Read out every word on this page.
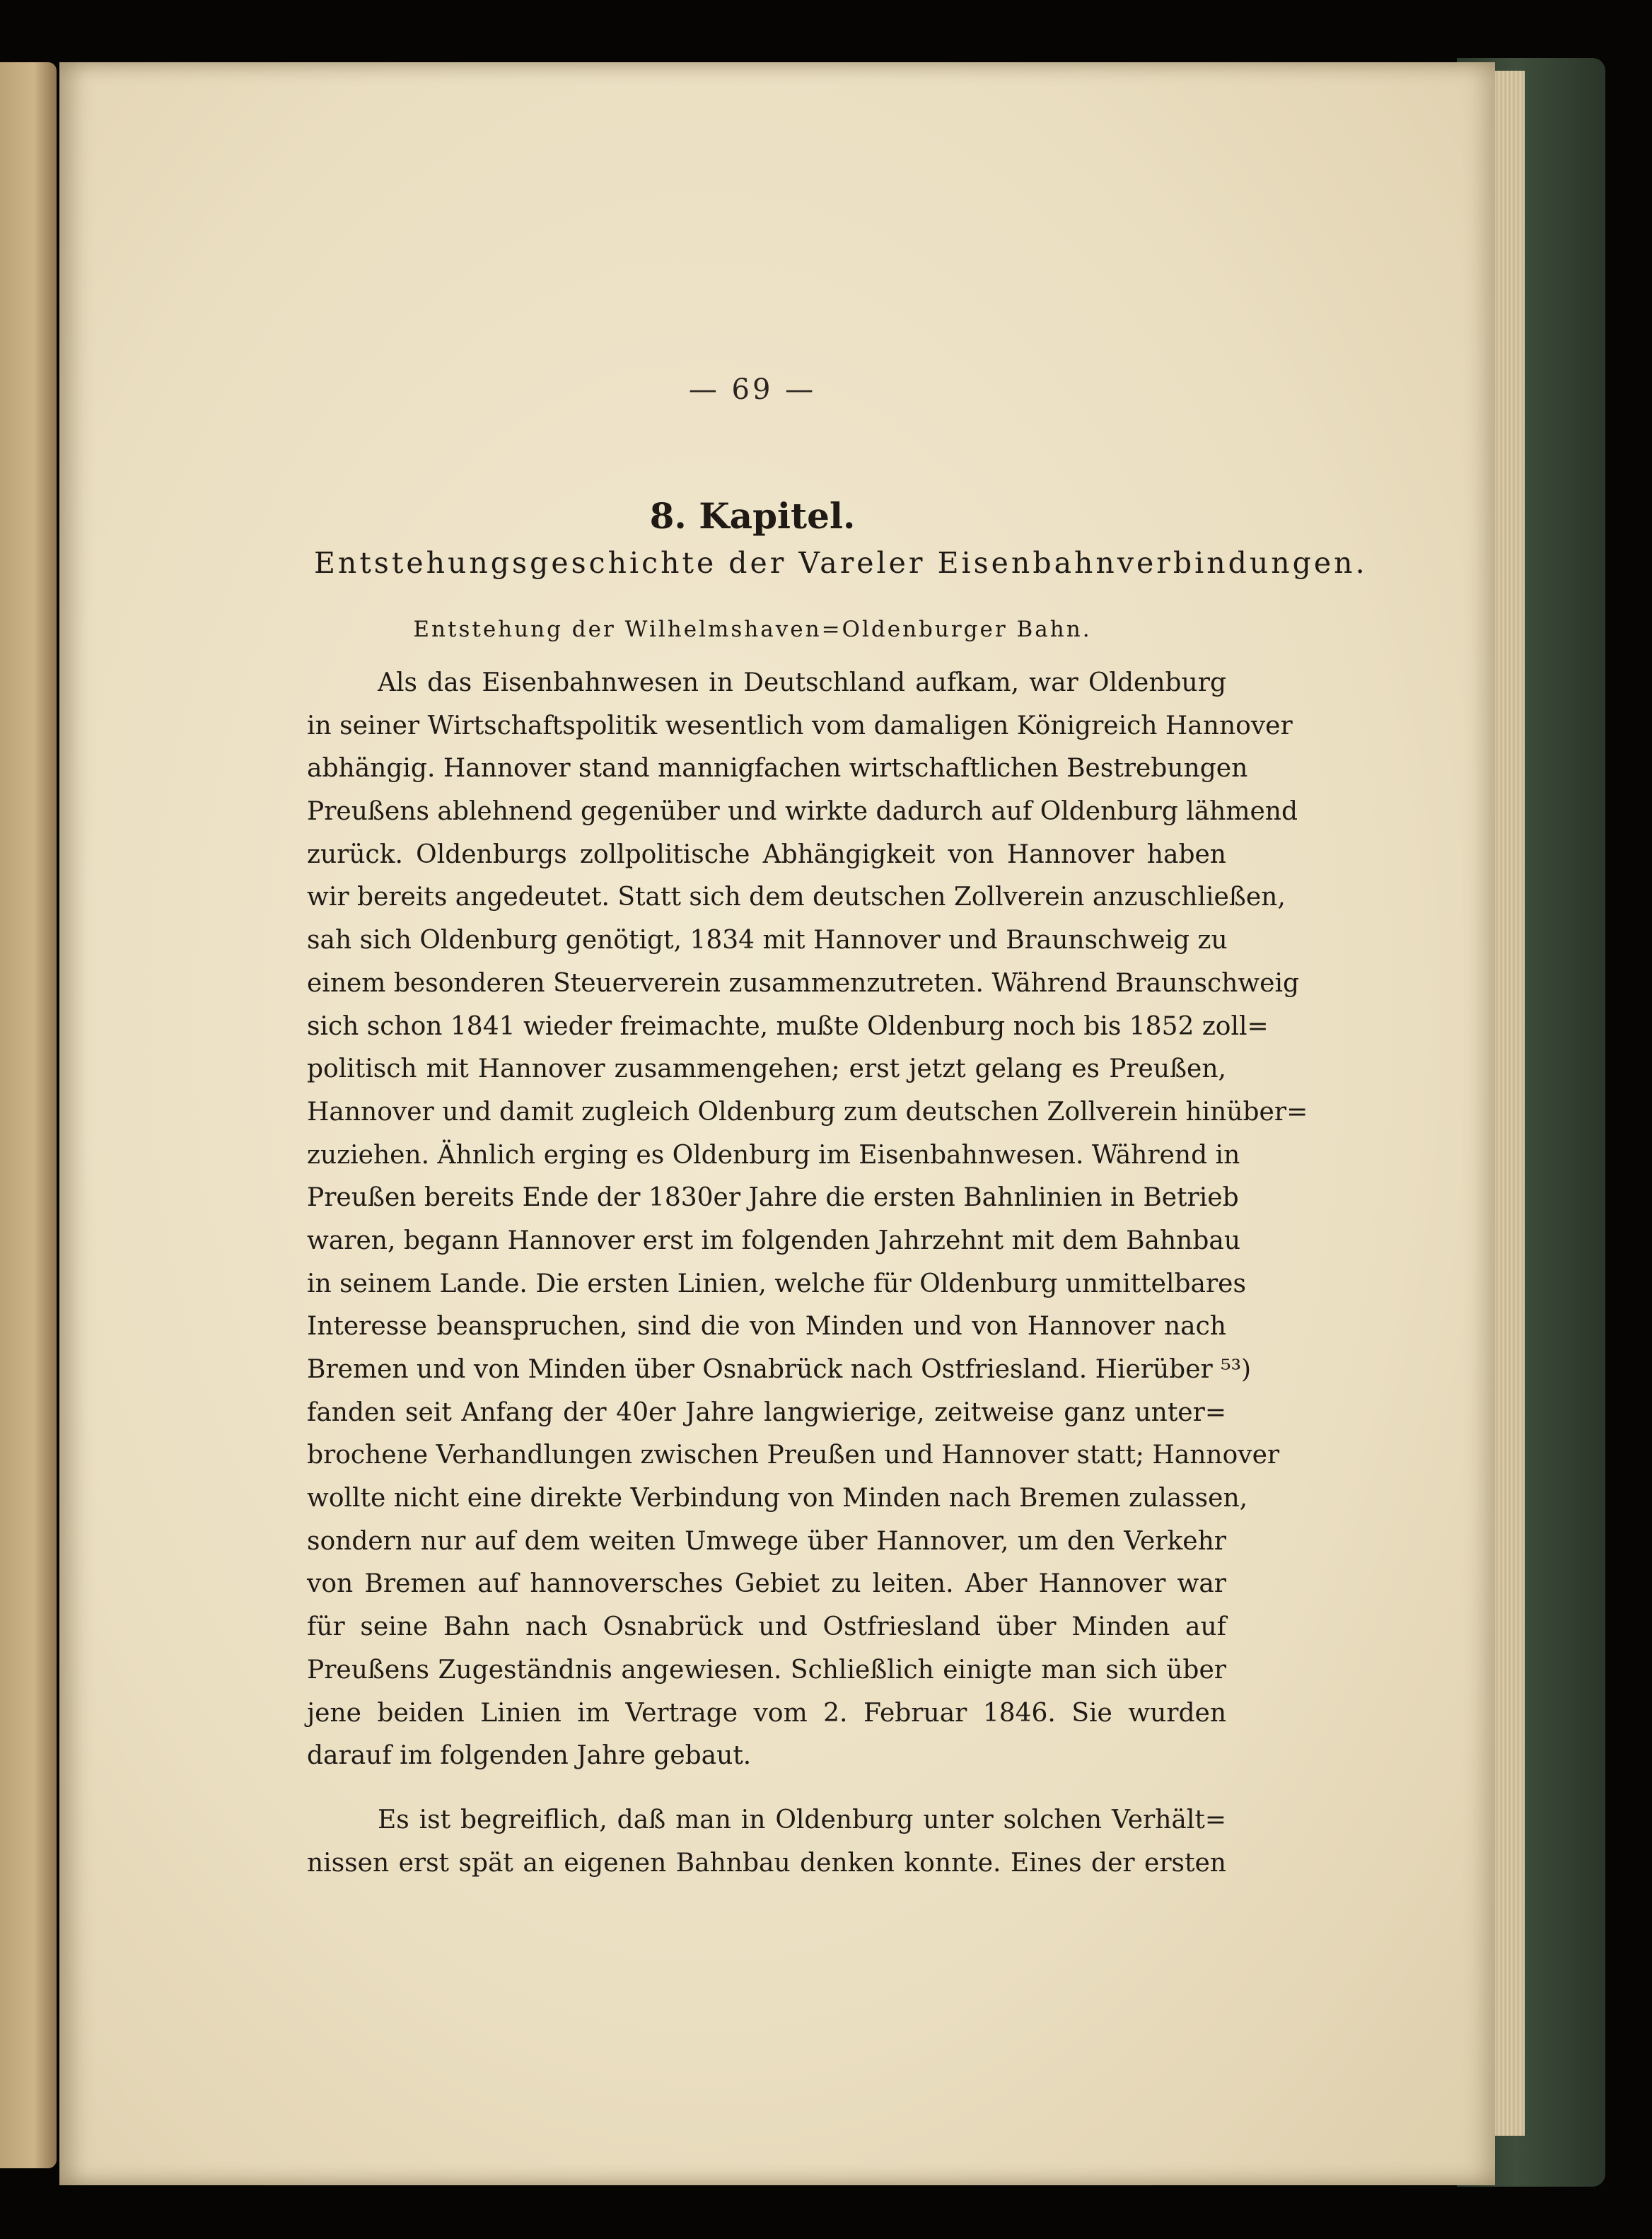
— 69 —
8. Kapitel.
Entstehungsgeschichte der Vareler Eisenbahnverbindungen.
Entstehung der Wilhelmshaven=Oldenburger Bahn.
Als das Eisenbahnwesen in Deutschland aufkam, war Oldenburg
in seiner Wirtschaftspolitik wesentlich vom damaligen Königreich Hannover
abhängig. Hannover stand mannigfachen wirtschaftlichen Bestrebungen
Preußens ablehnend gegenüber und wirkte dadurch auf Oldenburg lähmend
zurück. Oldenburgs zollpolitische Abhängigkeit von Hannover haben
wir bereits angedeutet. Statt sich dem deutschen Zollverein anzuschließen,
sah sich Oldenburg genötigt, 1834 mit Hannover und Braunschweig zu
einem besonderen Steuerverein zusammenzutreten. Während Braunschweig
sich schon 1841 wieder freimachte, mußte Oldenburg noch bis 1852 zoll=
politisch mit Hannover zusammengehen; erst jetzt gelang es Preußen,
Hannover und damit zugleich Oldenburg zum deutschen Zollverein hinüber=
zuziehen. Ähnlich erging es Oldenburg im Eisenbahnwesen. Während in
Preußen bereits Ende der 1830er Jahre die ersten Bahnlinien in Betrieb
waren, begann Hannover erst im folgenden Jahrzehnt mit dem Bahnbau
in seinem Lande. Die ersten Linien, welche für Oldenburg unmittelbares
Interesse beanspruchen, sind die von Minden und von Hannover nach
Bremen und von Minden über Osnabrück nach Ostfriesland. Hierüber ⁵³)
fanden seit Anfang der 40er Jahre langwierige, zeitweise ganz unter=
brochene Verhandlungen zwischen Preußen und Hannover statt; Hannover
wollte nicht eine direkte Verbindung von Minden nach Bremen zulassen,
sondern nur auf dem weiten Umwege über Hannover, um den Verkehr
von Bremen auf hannoversches Gebiet zu leiten. Aber Hannover war
für seine Bahn nach Osnabrück und Ostfriesland über Minden auf
Preußens Zugeständnis angewiesen. Schließlich einigte man sich über
jene beiden Linien im Vertrage vom 2. Februar 1846. Sie wurden
darauf im folgenden Jahre gebaut.
Es ist begreiflich, daß man in Oldenburg unter solchen Verhält=
nissen erst spät an eigenen Bahnbau denken konnte. Eines der ersten
